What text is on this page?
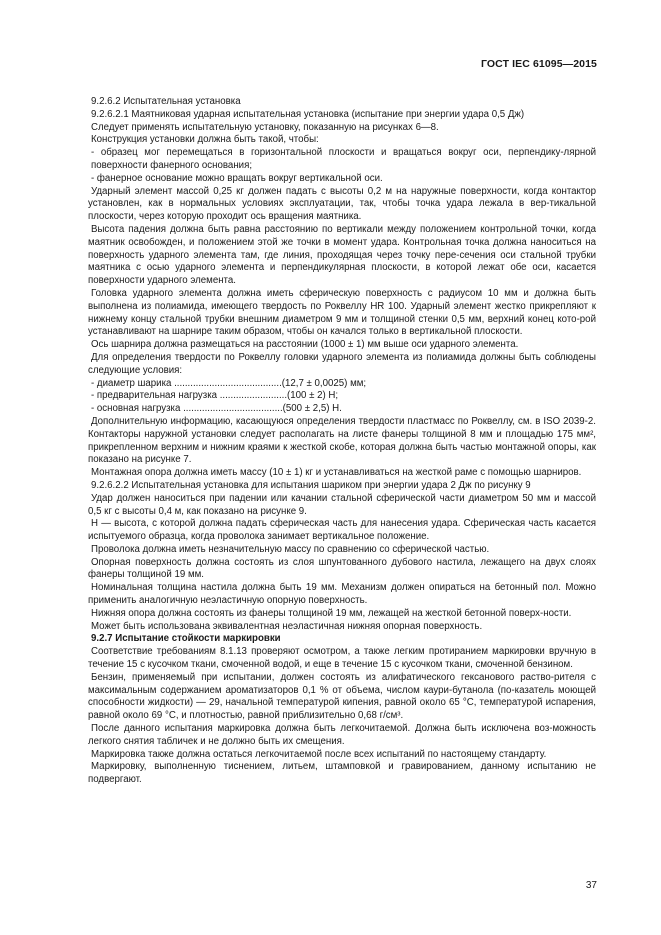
ГОСТ IEC 61095—2015

9.2.6.2 Испытательная установка

9.2.6.2.1 Маятниковая ударная испытательная установка (испытание при энергии удара 0,5 Дж)

Следует применять испытательную установку, показанную на рисунках 6—8.

Конструкция установки должна быть такой, чтобы:

- образец мог перемещаться в горизонтальной плоскости и вращаться вокруг оси, перпендику-лярной поверхности фанерного основания;

- фанерное основание можно вращать вокруг вертикальной оси.

Ударный элемент массой 0,25 кг должен падать с высоты 0,2 м на наружные поверхности, когда контактор установлен, как в нормальных условиях эксплуатации, так, чтобы точка удара лежала в вер-тикальной плоскости, через которую проходит ось вращения маятника.

Высота падения должна быть равна расстоянию по вертикали между положением контрольной точки, когда маятник освобожден, и положением этой же точки в момент удара. Контрольная точка должна наноситься на поверхность ударного элемента там, где линия, проходящая через точку пере-сечения оси стальной трубки маятника с осью ударного элемента и перпендикулярная плоскости, в которой лежат обе оси, касается поверхности ударного элемента.

Головка ударного элемента должна иметь сферическую поверхность с радиусом 10 мм и должна быть выполнена из полиамида, имеющего твердость по Роквеллу HR 100. Ударный элемент жестко прикрепляют к нижнему концу стальной трубки внешним диаметром 9 мм и толщиной стенки 0,5 мм, верхний конец кото-рой устанавливают на шарнире таким образом, чтобы он качался только в вертикальной плоскости.

Ось шарнира должна размещаться на расстоянии (1000 ± 1) мм выше оси ударного элемента.

Для определения твердости по Роквеллу головки ударного элемента из полиамида должны быть соблюдены следующие условия:

- диаметр шарика ........................................(12,7 ± 0,0025) мм;

- предварительная нагрузка .........................(100 ± 2) Н;

- основная нагрузка .....................................(500 ± 2,5) Н.

Дополнительную информацию, касающуюся определения твердости пластмасс по Роквеллу, см. в ISO 2039-2. Контакторы наружной установки следует располагать на листе фанеры толщиной 8 мм и площадью 175 мм², прикрепленном верхним и нижним краями к жесткой скобе, которая должна быть частью монтажной опоры, как показано на рисунке 7.

Монтажная опора должна иметь массу (10 ± 1) кг и устанавливаться на жесткой раме с помощью шарниров.

9.2.6.2.2 Испытательная установка для испытания шариком при энергии удара 2 Дж по рисунку 9

Удар должен наноситься при падении или качании стальной сферической части диаметром 50 мм и массой 0,5 кг с высоты 0,4 м, как показано на рисунке 9.

H — высота, с которой должна падать сферическая часть для нанесения удара. Сферическая часть касается испытуемого образца, когда проволока занимает вертикальное положение.

Проволока должна иметь незначительную массу по сравнению со сферической частью.

Опорная поверхность должна состоять из слоя шпунтованного дубового настила, лежащего на двух слоях фанеры толщиной 19 мм.

Номинальная толщина настила должна быть 19 мм. Механизм должен опираться на бетонный пол. Можно применить аналогичную неэластичную опорную поверхность.

Нижняя опора должна состоять из фанеры толщиной 19 мм, лежащей на жесткой бетонной поверх-ности.

Может быть использована эквивалентная неэластичная нижняя опорная поверхность.

9.2.7 Испытание стойкости маркировки

Соответствие требованиям 8.1.13 проверяют осмотром, а также легким протиранием маркировки вручную в течение 15 с кусочком ткани, смоченной водой, и еще в течение 15 с кусочком ткани, смоченной бензином.

Бензин, применяемый при испытании, должен состоять из алифатического гексанового раство-рителя с максимальным содержанием ароматизаторов 0,1 % от объема, числом каури-бутанола (по-казатель моющей способности жидкости) — 29, начальной температурой кипения, равной около 65 °С, температурой испарения, равной около 69 °С, и плотностью, равной приблизительно 0,68 г/см³.

После данного испытания маркировка должна быть легкочитаемой. Должна быть исключена воз-можность легкого снятия табличек и не должно быть их смещения.

Маркировка также должна остаться легкочитаемой после всех испытаний по настоящему стандарту.

Маркировку, выполненную тиснением, литьем, штамповкой и гравированием, данному испытанию не подвергают.

37
